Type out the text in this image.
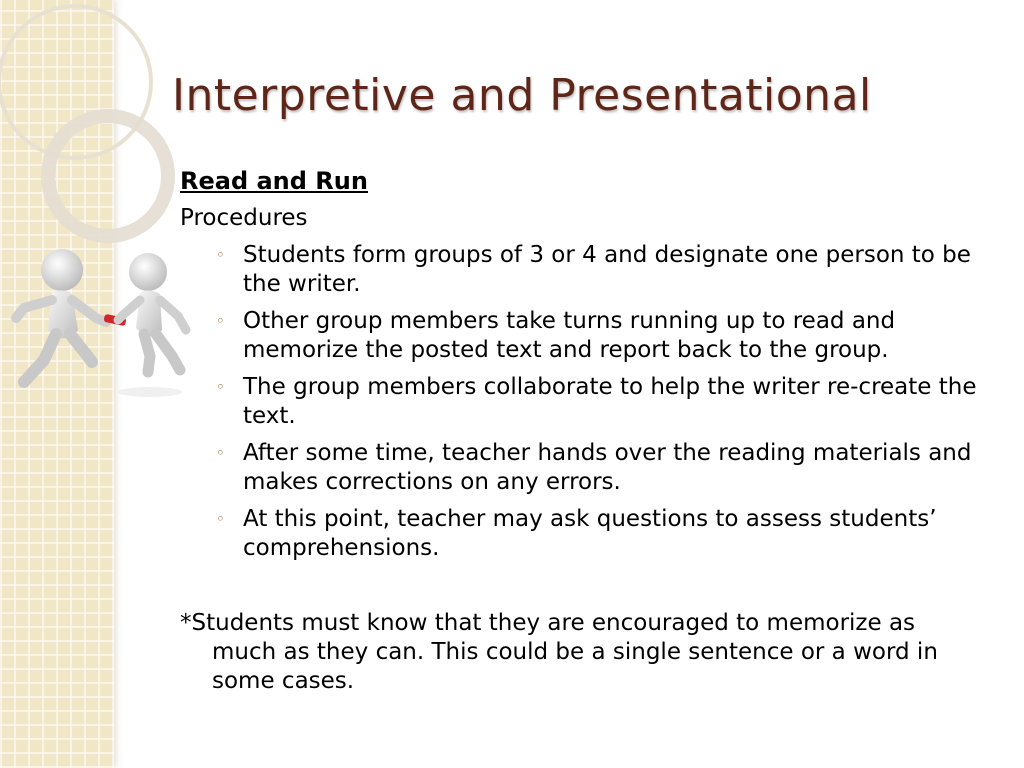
Interpretive and Presentational

Read and Run

Procedures

◦ Students form groups of 3 or 4 and designate one person to be the writer.
◦ Other group members take turns running up to read and memorize the posted text and report back to the group.
◦ The group members collaborate to help the writer re-create the text.
◦ After some time, teacher hands over the reading materials and makes corrections on any errors.
◦ At this point, teacher may ask questions to assess students’ comprehensions.

*Students must know that they are encouraged to memorize as much as they can. This could be a single sentence or a word in some cases.
